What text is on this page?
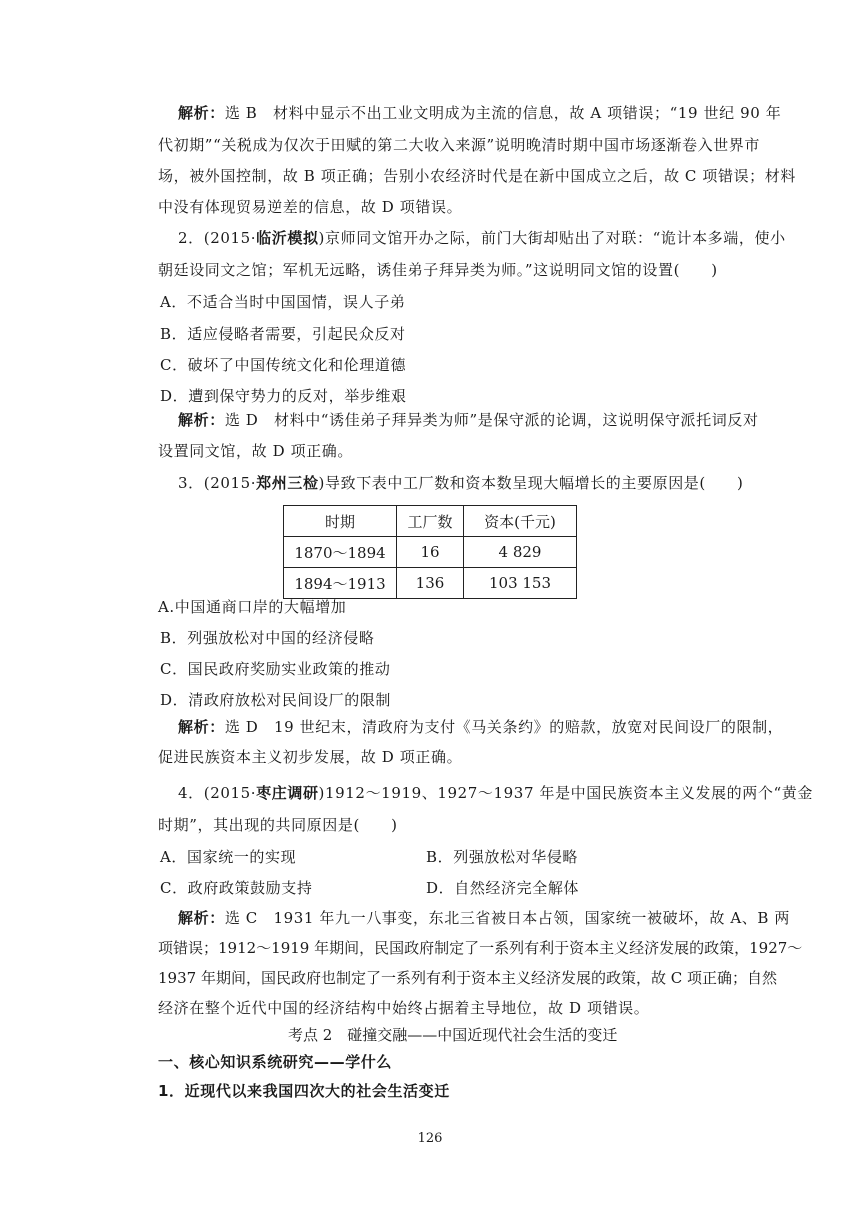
解析：选 B　材料中显示不出工业文明成为主流的信息，故 A 项错误；“19 世纪 90 年
代初期”“关税成为仅次于田赋的第二大收入来源”说明晚清时期中国市场逐渐卷入世界市
场，被外国控制，故 B 项正确；告别小农经济时代是在新中国成立之后，故 C 项错误；材料
中没有体现贸易逆差的信息，故 D 项错误。
2．(2015·临沂模拟)京师同文馆开办之际，前门大街却贴出了对联：“诡计本多端，使小
朝廷设同文之馆；军机无远略，诱佳弟子拜异类为师。”这说明同文馆的设置(　　)
A．不适合当时中国国情，误人子弟
B．适应侵略者需要，引起民众反对
C．破坏了中国传统文化和伦理道德
D．遭到保守势力的反对，举步维艰
解析：选 D　材料中“诱佳弟子拜异类为师”是保守派的论调，这说明保守派托词反对
设置同文馆，故 D 项正确。
3．(2015·郑州三检)导致下表中工厂数和资本数呈现大幅增长的主要原因是(　　)
时期	工厂数	资本(千元)
1870～1894	16	4 829
1894～1913	136	103 153
A.中国通商口岸的大幅增加
B．列强放松对中国的经济侵略
C．国民政府奖励实业政策的推动
D．清政府放松对民间设厂的限制
解析：选 D　19 世纪末，清政府为支付《马关条约》的赔款，放宽对民间设厂的限制，
促进民族资本主义初步发展，故 D 项正确。
4．(2015·枣庄调研)1912～1919、1927～1937 年是中国民族资本主义发展的两个“黄金
时期”，其出现的共同原因是(　　)
A．国家统一的实现	B．列强放松对华侵略
C．政府政策鼓励支持	D．自然经济完全解体
解析：选 C　1931 年九一八事变，东北三省被日本占领，国家统一被破坏，故 A、B 两
项错误；1912～1919 年期间，民国政府制定了一系列有利于资本主义经济发展的政策，1927～
1937 年期间，国民政府也制定了一系列有利于资本主义经济发展的政策，故 C 项正确；自然
经济在整个近代中国的经济结构中始终占据着主导地位，故 D 项错误。
考点 2　碰撞交融——中国近现代社会生活的变迁
一、核心知识系统研究——学什么
1．近现代以来我国四次大的社会生活变迁
126
